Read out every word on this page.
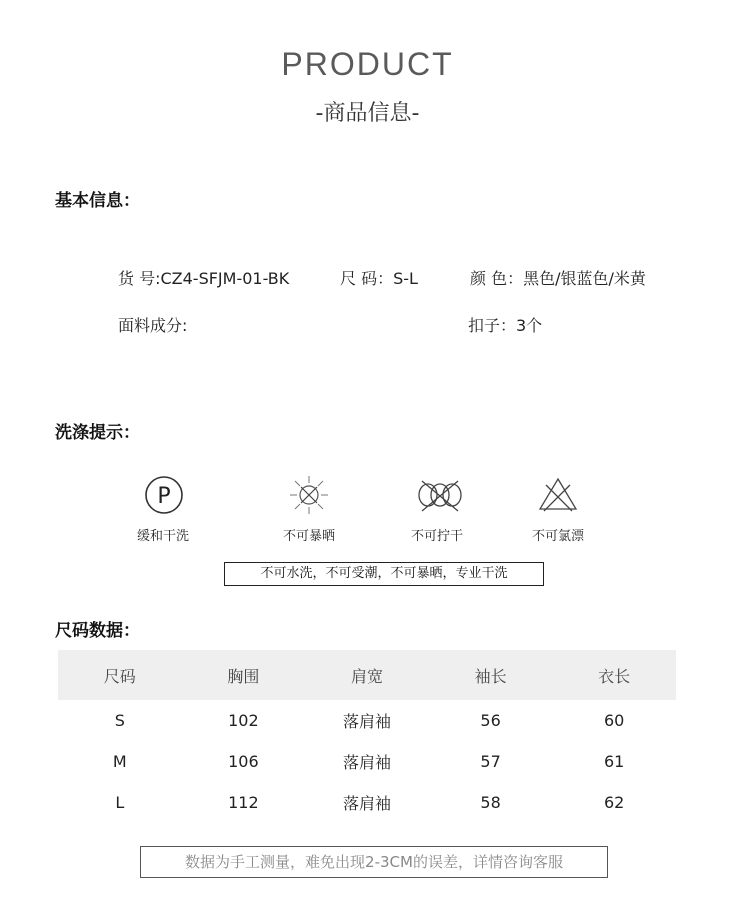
PRODUCT
-商品信息-
基本信息：
货 号:CZ4-SFJM-01-BK	尺 码：S-L	颜 色：黑色/银蓝色/米黄
面料成分:	扣子：3个
洗涤提示：
P
缓和干洗	不可暴晒	不可拧干	不可氯漂
不可水洗，不可受潮，不可暴晒，专业干洗
尺码数据：
尺码	胸围	肩宽	袖长	衣长
S	102	落肩袖	56	60
M	106	落肩袖	57	61
L	112	落肩袖	58	62
数据为手工测量，难免出现2-3CM的误差，详情咨询客服
